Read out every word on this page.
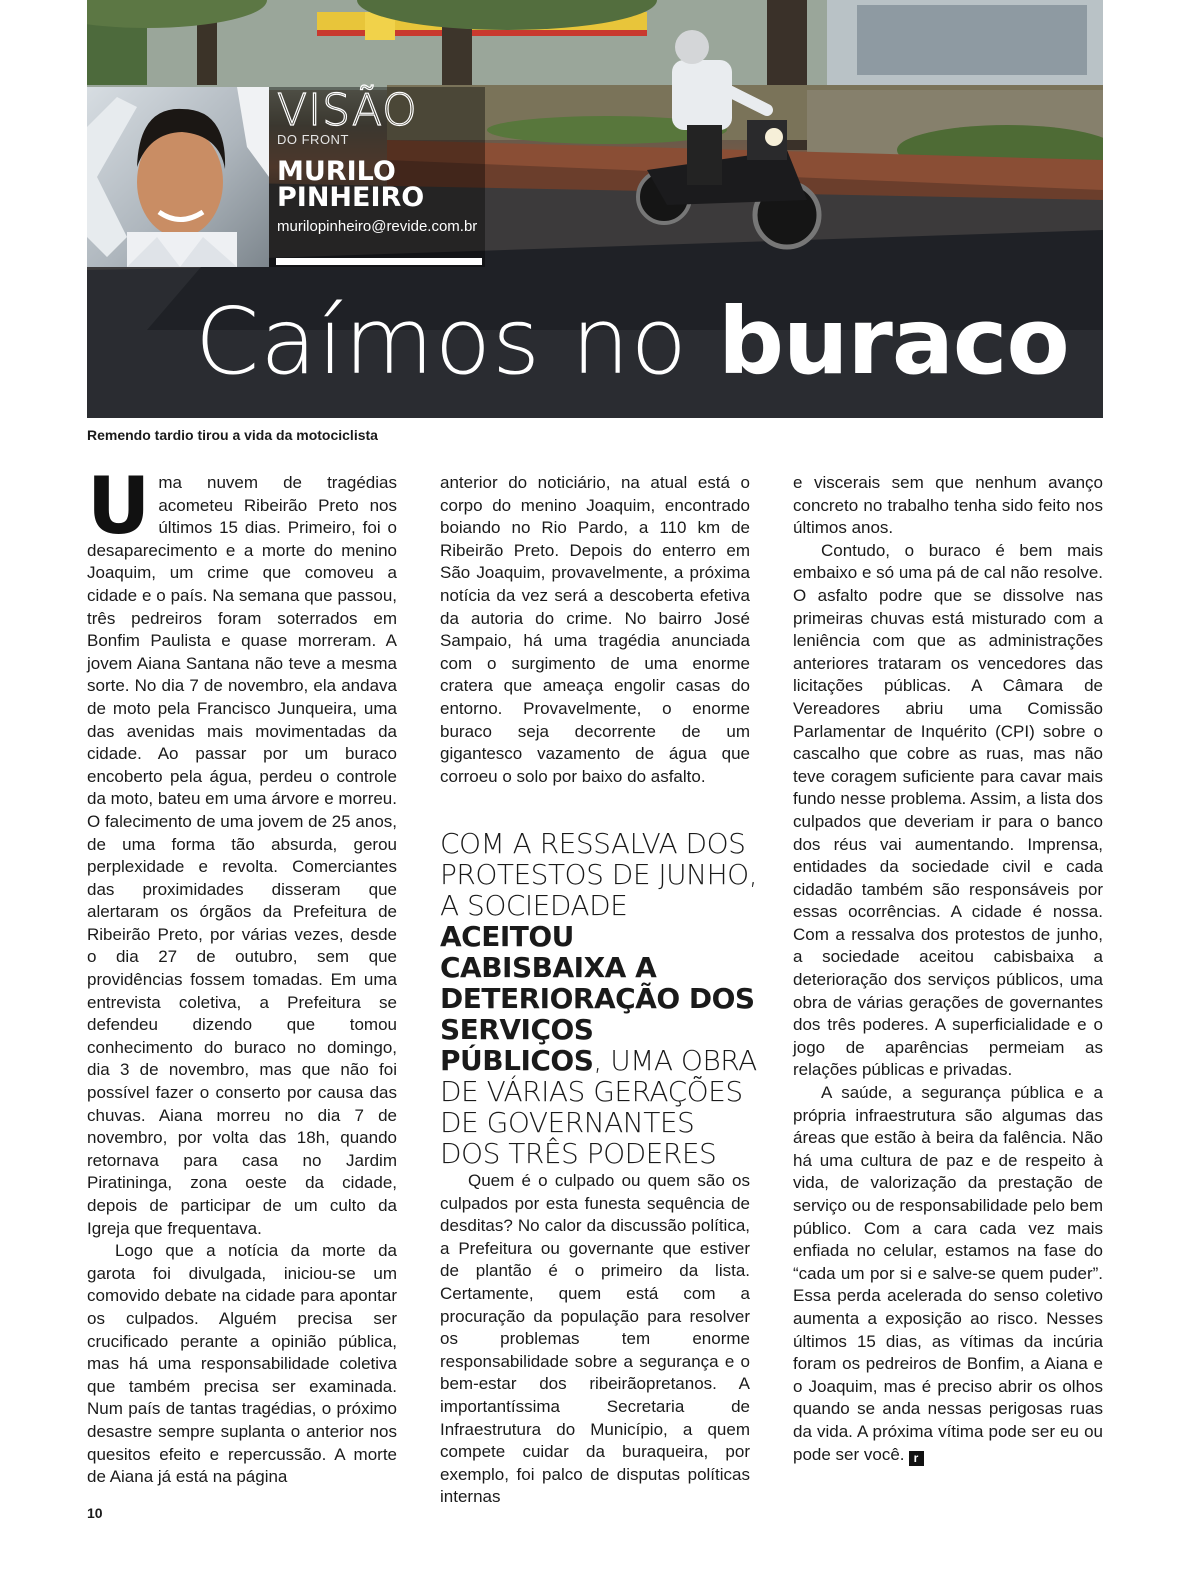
VISÃO
DO FRONT
MURILO PINHEIRO
murilopinheiro@revide.com.br
Caímos no buraco
Remendo tardio tirou a vida da motociclista

Uma nuvem de tragédias acometeu Ribeirão Preto nos últimos 15 dias. Primeiro, foi o desaparecimento e a morte do menino Joaquim, um crime que comoveu a cidade e o país. Na semana que passou, três pedreiros foram soterrados em Bonfim Paulista e quase morreram. A jovem Aiana Santana não teve a mesma sorte. No dia 7 de novembro, ela andava de moto pela Francisco Junqueira, uma das avenidas mais movimentadas da cidade. Ao passar por um buraco encoberto pela água, perdeu o controle da moto, bateu em uma árvore e morreu. O falecimento de uma jovem de 25 anos, de uma forma tão absurda, gerou perplexidade e revolta. Comerciantes das proximidades disseram que alertaram os órgãos da Prefeitura de Ribeirão Preto, por várias vezes, desde o dia 27 de outubro, sem que providências fossem tomadas. Em uma entrevista coletiva, a Prefeitura se defendeu dizendo que tomou conhecimento do buraco no domingo, dia 3 de novembro, mas que não foi possível fazer o conserto por causa das chuvas. Aiana morreu no dia 7 de novembro, por volta das 18h, quando retornava para casa no Jardim Piratininga, zona oeste da cidade, depois de participar de um culto da Igreja que frequentava.

Logo que a notícia da morte da garota foi divulgada, iniciou-se um comovido debate na cidade para apontar os culpados. Alguém precisa ser crucificado perante a opinião pública, mas há uma responsabilidade coletiva que também precisa ser examinada. Num país de tantas tragédias, o próximo desastre sempre suplanta o anterior nos quesitos efeito e repercussão. A morte de Aiana já está na página

anterior do noticiário, na atual está o corpo do menino Joaquim, encontrado boiando no Rio Pardo, a 110 km de Ribeirão Preto. Depois do enterro em São Joaquim, provavelmente, a próxima notícia da vez será a descoberta efetiva da autoria do crime. No bairro José Sampaio, há uma tragédia anunciada com o surgimento de uma enorme cratera que ameaça engolir casas do entorno. Provavelmente, o enorme buraco seja decorrente de um gigantesco vazamento de água que corroeu o solo por baixo do asfalto.

COM A RESSALVA DOS PROTESTOS DE JUNHO, A SOCIEDADE ACEITOU CABISBAIXA A DETERIORAÇÃO DOS SERVIÇOS PÚBLICOS, UMA OBRA DE VÁRIAS GERAÇÕES DE GOVERNANTES DOS TRÊS PODERES

Quem é o culpado ou quem são os culpados por esta funesta sequência de desditas? No calor da discussão política, a Prefeitura ou governante que estiver de plantão é o primeiro da lista. Certamente, quem está com a procuração da população para resolver os problemas tem enorme responsabilidade sobre a segurança e o bem-estar dos ribeirãopretanos. A importantíssima Secretaria de Infraestrutura do Município, a quem compete cuidar da buraqueira, por exemplo, foi palco de disputas políticas internas

e viscerais sem que nenhum avanço concreto no trabalho tenha sido feito nos últimos anos.

Contudo, o buraco é bem mais embaixo e só uma pá de cal não resolve. O asfalto podre que se dissolve nas primeiras chuvas está misturado com a leniência com que as administrações anteriores trataram os vencedores das licitações públicas. A Câmara de Vereadores abriu uma Comissão Parlamentar de Inquérito (CPI) sobre o cascalho que cobre as ruas, mas não teve coragem suficiente para cavar mais fundo nesse problema. Assim, a lista dos culpados que deveriam ir para o banco dos réus vai aumentando. Imprensa, entidades da sociedade civil e cada cidadão também são responsáveis por essas ocorrências. A cidade é nossa. Com a ressalva dos protestos de junho, a sociedade aceitou cabisbaixa a deterioração dos serviços públicos, uma obra de várias gerações de governantes dos três poderes. A superficialidade e o jogo de aparências permeiam as relações públicas e privadas.

A saúde, a segurança pública e a própria infraestrutura são algumas das áreas que estão à beira da falência. Não há uma cultura de paz e de respeito à vida, de valorização da prestação de serviço ou de responsabilidade pelo bem público. Com a cara cada vez mais enfiada no celular, estamos na fase do “cada um por si e salve-se quem puder”. Essa perda acelerada do senso coletivo aumenta a exposição ao risco. Nesses últimos 15 dias, as vítimas da incúria foram os pedreiros de Bonfim, a Aiana e o Joaquim, mas é preciso abrir os olhos quando se anda nessas perigosas ruas da vida. A próxima vítima pode ser eu ou pode ser você. r

10
